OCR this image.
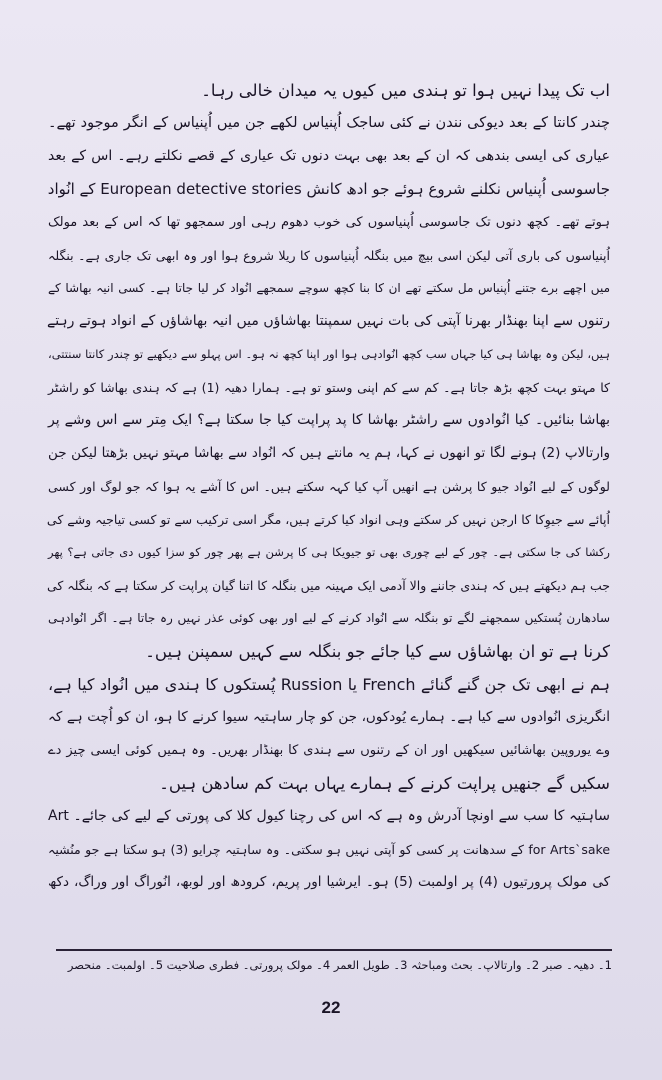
اب تک پیدا نہیں ہوا تو ہندی میں کیوں یہ میدان خالی رہا۔
چندر کانتا کے بعد دیوکی نندن نے کئی ساجک اُپنیاس لکھے جن میں اُپنیاس کے انگر موجود تھے۔
عیاری کی ایسی بندھی کہ ان کے بعد بھی بہت دنوں تک عیاری کے قصے نکلتے رہے۔ اس کے بعد
جاسوسی اُپنیاس نکلنے شروع ہوئے جو ادھ کانش European detective stories کے انُواد
ہوتے تھے۔ کچھ دنوں تک جاسوسی اُپنیاسوں کی خوب دھوم رہی اور سمجھو تھا کہ اس کے بعد مولک
اُپنیاسوں کی باری آتی لیکن اسی بیچ میں بنگلہ اُپنیاسوں کا ریلا شروع ہوا اور وہ ابھی تک جاری ہے۔ بنگلہ
میں اچھے برے جتنے اُپنیاس مل سکتے تھے ان کا بنا کچھ سوچے سمجھے انُواد کر لیا جاتا ہے۔ کسی انیہ بھاشا کے
رتنوں سے اپنا بھنڈار بھرنا آپتی کی بات نہیں سمپنتا بھاشاؤں میں انیہ بھاشاؤں کے انواد ہوتے رہتے
ہیں، لیکن وہ بھاشا ہی کیا جہاں سب کچھ انُوادہی ہوا اور اپنا کچھ نہ ہو۔ اس پہلو سے دیکھیے تو چندر کانتا سنتتی،
کا مہتو بہت کچھ بڑھ جاتا ہے۔ کم سے کم اپنی وستو تو ہے۔ ہمارا دھیہ (1) ہے کہ ہندی بھاشا کو راشٹر
بھاشا بنائیں۔ کیا انُوادوں سے راشٹر بھاشا کا پد پراپت کیا جا سکتا ہے؟ ایک مِتر سے اس وشے پر
وارتالاپ (2) ہونے لگا تو انھوں نے کہا، ہم یہ مانتے ہیں کہ انُواد سے بھاشا مہتو نہیں بڑھتا لیکن جن
لوگوں کے لیے انُواد جیو کا پرشن ہے انھیں آپ کیا کہہ سکتے ہیں۔ اس کا آشے یہ ہوا کہ جو لوگ اور کسی
اُپائے سے جیوِکا کا ارجن نہیں کر سکتے وہی انواد کیا کرتے ہیں، مگر اسی ترکیب سے تو کسی تیاجیہ وشے کی
رکشا کی جا سکتی ہے۔ چور کے لیے چوری بھی تو جیویکا ہی کا پرشن ہے پھر چور کو سزا کیوں دی جاتی ہے؟ پھر
جب ہم دیکھتے ہیں کہ ہندی جاننے والا آدمی ایک مہینہ میں بنگلہ کا اتنا گیان پراپت کر سکتا ہے کہ بنگلہ کی
سادھارن پُستکیں سمجھنے لگے تو بنگلہ سے انُواد کرنے کے لیے اور بھی کوئی عذر نہیں رہ جاتا ہے۔ اگر انُوادہی
کرنا ہے تو ان بھاشاؤں سے کیا جائے جو بنگلہ سے کہیں سمپنن ہیں۔
ہم نے ابھی تک جن گنے گنائے French یا Russion پُستکوں کا ہندی میں انُواد کیا ہے،
انگریزی انُوادوں سے کیا ہے۔ ہمارے یُودکوں، جن کو چار ساہتیہ سیوا کرنے کا ہو، ان کو اُچت ہے کہ
وے یوروپین بھاشائیں سیکھیں اور ان کے رتنوں سے ہندی کا بھنڈار بھریں۔ وہ ہمیں کوئی ایسی چیز دے
سکیں گے جنھیں پراپت کرنے کے ہمارے یہاں بہت کم سادھن ہیں۔
ساہتیہ کا سب سے اونچا آدرش وہ ہے کہ اس کی رچنا کیول کلا کی پورتی کے لیے کی جائے۔ Art
for Arts`sake کے سدھانت پر کسی کو آپتی نہیں ہو سکتی۔ وہ ساہتیہ چرایو (3) ہو سکتا ہے جو منُشیہ
کی مولک پرورتیوں (4) پر اولمبت (5) ہو۔ ایرشیا اور پریم، کرودھ اور لوبھ، انُوراگ اور وراگ، دکھ
1۔ دھیہ۔ صبر 2۔ وارتالاپ۔ بحث ومباحثہ 3۔ طویل العمر 4۔ مولک پرورتی۔ فطری صلاحیت 5۔ اولمبت۔ منحصر
22
